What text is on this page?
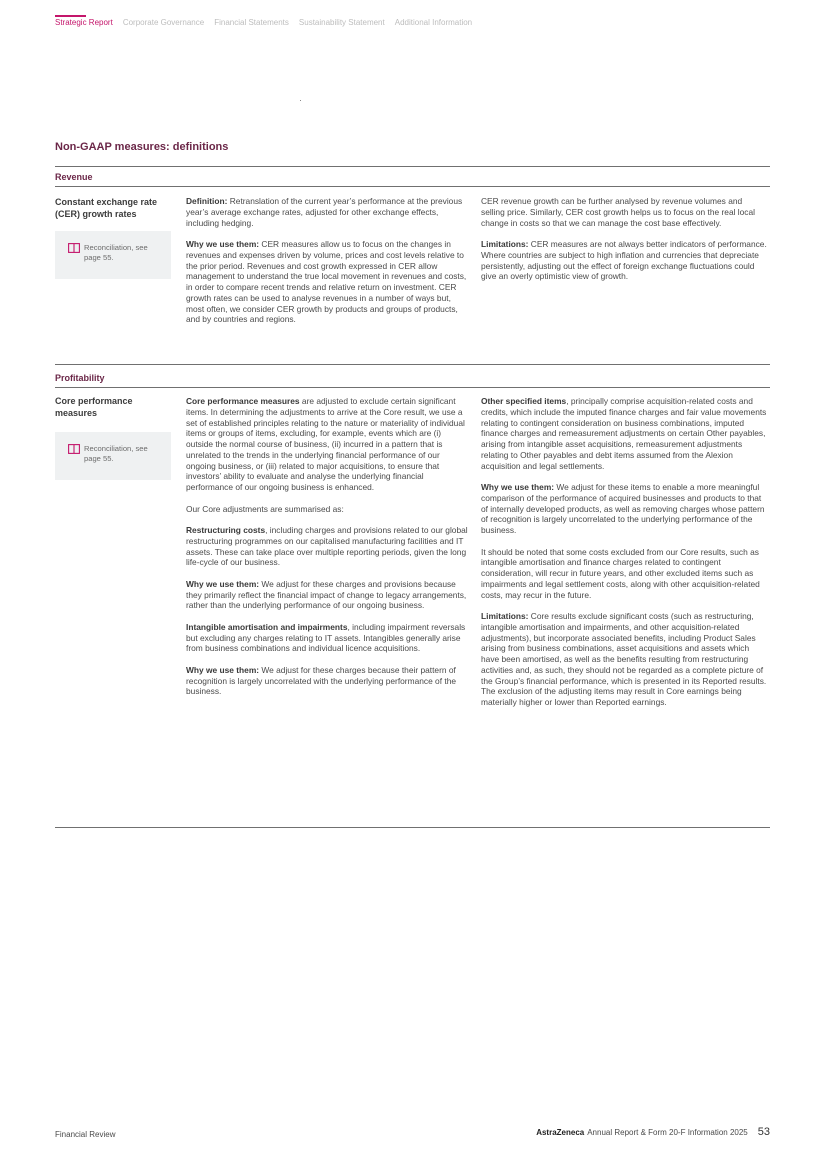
Strategic Report Corporate Governance Financial Statements Sustainability Statement Additional Information
Non-GAAP measures: definitions
Revenue
Constant exchange rate (CER) growth rates
Reconciliation, see page 55.

Definition: Retranslation of the current year’s performance at the previous year’s average exchange rates, adjusted for other exchange effects, including hedging.

Why we use them: CER measures allow us to focus on the changes in revenues and expenses driven by volume, prices and cost levels relative to the prior period. Revenues and cost growth expressed in CER allow management to understand the true local movement in revenues and costs, in order to compare recent trends and relative return on investment. CER growth rates can be used to analyse revenues in a number of ways but, most often, we consider CER growth by products and groups of products, and by countries and regions.

CER revenue growth can be further analysed by revenue volumes and selling price. Similarly, CER cost growth helps us to focus on the real local change in costs so that we can manage the cost base effectively.

Limitations: CER measures are not always better indicators of performance. Where countries are subject to high inflation and currencies that depreciate persistently, adjusting out the effect of foreign exchange fluctuations could give an overly optimistic view of growth.

Profitability
Core performance measures
Reconciliation, see page 55.

Core performance measures are adjusted to exclude certain significant items. In determining the adjustments to arrive at the Core result, we use a set of established principles relating to the nature or materiality of individual items or groups of items, excluding, for example, events which are (i) outside the normal course of business, (ii) incurred in a pattern that is unrelated to the trends in the underlying financial performance of our ongoing business, or (iii) related to major acquisitions, to ensure that investors’ ability to evaluate and analyse the underlying financial performance of our ongoing business is enhanced.

Our Core adjustments are summarised as:

Restructuring costs, including charges and provisions related to our global restructuring programmes on our capitalised manufacturing facilities and IT assets. These can take place over multiple reporting periods, given the long life-cycle of our business.

Why we use them: We adjust for these charges and provisions because they primarily reflect the financial impact of change to legacy arrangements, rather than the underlying performance of our ongoing business.

Intangible amortisation and impairments, including impairment reversals but excluding any charges relating to IT assets. Intangibles generally arise from business combinations and individual licence acquisitions.

Why we use them: We adjust for these charges because their pattern of recognition is largely uncorrelated with the underlying performance of the business.

Other specified items, principally comprise acquisition-related costs and credits, which include the imputed finance charges and fair value movements relating to contingent consideration on business combinations, imputed finance charges and remeasurement adjustments on certain Other payables, arising from intangible asset acquisitions, remeasurement adjustments relating to Other payables and debt items assumed from the Alexion acquisition and legal settlements.

Why we use them: We adjust for these items to enable a more meaningful comparison of the performance of acquired businesses and products to that of internally developed products, as well as removing charges whose pattern of recognition is largely uncorrelated to the underlying performance of the business.

It should be noted that some costs excluded from our Core results, such as intangible amortisation and finance charges related to contingent consideration, will recur in future years, and other excluded items such as impairments and legal settlement costs, along with other acquisition-related costs, may recur in the future.

Limitations: Core results exclude significant costs (such as restructuring, intangible amortisation and impairments, and other acquisition-related adjustments), but incorporate associated benefits, including Product Sales arising from business combinations, asset acquisitions and assets which have been amortised, as well as the benefits resulting from restructuring activities and, as such, they should not be regarded as a complete picture of the Group’s financial performance, which is presented in its Reported results. The exclusion of the adjusting items may result in Core earnings being materially higher or lower than Reported earnings.

Financial Review	AstraZeneca Annual Report & Form 20-F Information 2025 53
